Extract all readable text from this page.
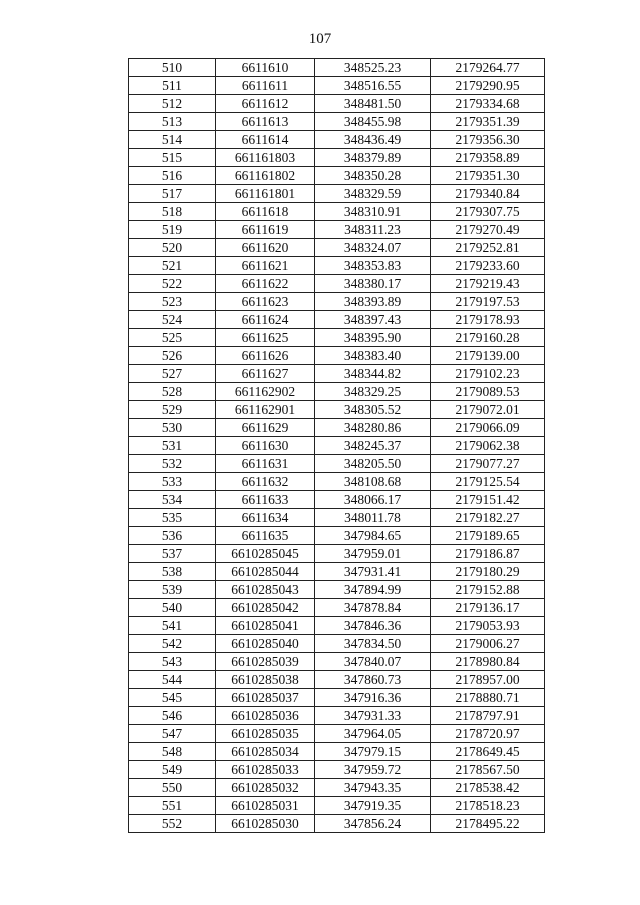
107
510	6611610	348525.23	2179264.77
511	6611611	348516.55	2179290.95
512	6611612	348481.50	2179334.68
513	6611613	348455.98	2179351.39
514	6611614	348436.49	2179356.30
515	661161803	348379.89	2179358.89
516	661161802	348350.28	2179351.30
517	661161801	348329.59	2179340.84
518	6611618	348310.91	2179307.75
519	6611619	348311.23	2179270.49
520	6611620	348324.07	2179252.81
521	6611621	348353.83	2179233.60
522	6611622	348380.17	2179219.43
523	6611623	348393.89	2179197.53
524	6611624	348397.43	2179178.93
525	6611625	348395.90	2179160.28
526	6611626	348383.40	2179139.00
527	6611627	348344.82	2179102.23
528	661162902	348329.25	2179089.53
529	661162901	348305.52	2179072.01
530	6611629	348280.86	2179066.09
531	6611630	348245.37	2179062.38
532	6611631	348205.50	2179077.27
533	6611632	348108.68	2179125.54
534	6611633	348066.17	2179151.42
535	6611634	348011.78	2179182.27
536	6611635	347984.65	2179189.65
537	6610285045	347959.01	2179186.87
538	6610285044	347931.41	2179180.29
539	6610285043	347894.99	2179152.88
540	6610285042	347878.84	2179136.17
541	6610285041	347846.36	2179053.93
542	6610285040	347834.50	2179006.27
543	6610285039	347840.07	2178980.84
544	6610285038	347860.73	2178957.00
545	6610285037	347916.36	2178880.71
546	6610285036	347931.33	2178797.91
547	6610285035	347964.05	2178720.97
548	6610285034	347979.15	2178649.45
549	6610285033	347959.72	2178567.50
550	6610285032	347943.35	2178538.42
551	6610285031	347919.35	2178518.23
552	6610285030	347856.24	2178495.22
